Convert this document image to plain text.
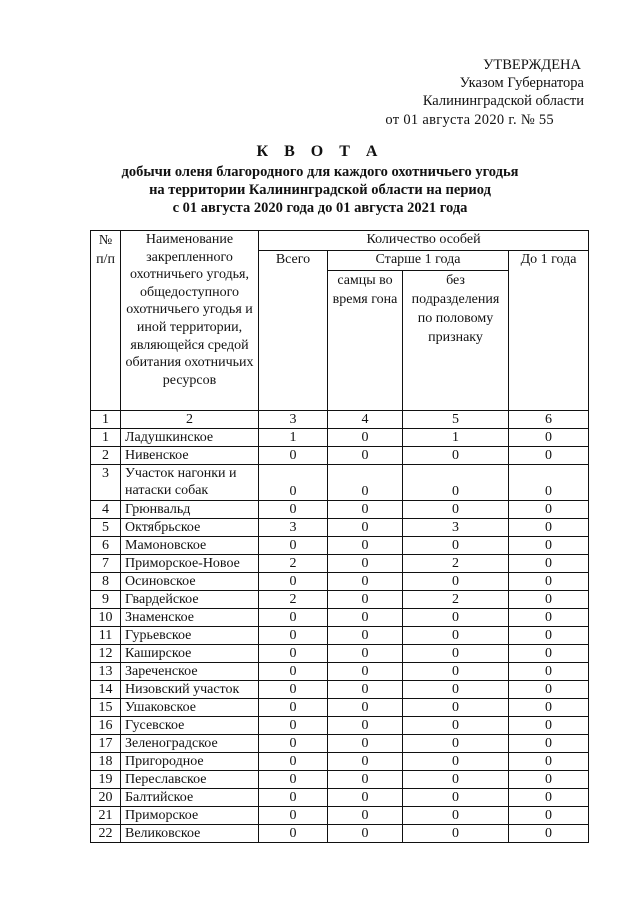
УТВЕРЖДЕНА
Указом Губернатора
Калининградской области
от 01 августа 2020 г. № 55
К В О Т А
добычи оленя благородного для каждого охотничьего угодья
на территории Калининградской области на период
с 01 августа 2020 года до 01 августа 2021 года
№ п/п	Наименование закрепленного охотничьего угодья, общедоступного охотничьего угодья и иной территории, являющейся средой обитания охотничьих ресурсов	Количество особей			
		Всего	Старше 1 года		До 1 года
			самцы во время гона	без подразделения по половому признаку	
1	2	3	4	5	6
1	Ладушкинское	1	0	1	0
2	Нивенское	0	0	0	0
3	Участок нагонки и натаски собак	0	0	0	0
4	Грюнвальд	0	0	0	0
5	Октябрьское	3	0	3	0
6	Мамоновское	0	0	0	0
7	Приморское-Новое	2	0	2	0
8	Осиновское	0	0	0	0
9	Гвардейское	2	0	2	0
10	Знаменское	0	0	0	0
11	Гурьевское	0	0	0	0
12	Каширское	0	0	0	0
13	Зареченское	0	0	0	0
14	Низовский участок	0	0	0	0
15	Ушаковское	0	0	0	0
16	Гусевское	0	0	0	0
17	Зеленоградское	0	0	0	0
18	Пригородное	0	0	0	0
19	Переславское	0	0	0	0
20	Балтийское	0	0	0	0
21	Приморское	0	0	0	0
22	Великовское	0	0	0	0
